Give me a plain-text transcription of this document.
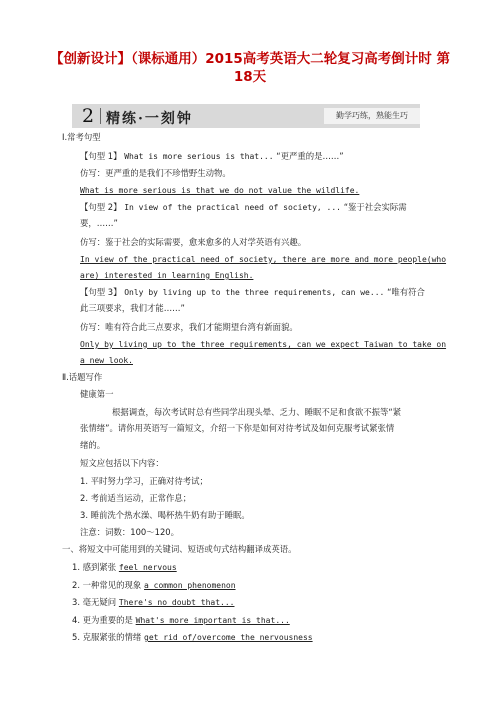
【创新设计】（课标通用）2015高考英语大二轮复习高考倒计时 第
18天
2 精练·一刻钟	勤学巧练，熟能生巧
Ⅰ.常考句型
【句型 1】 What is more serious is that... “更严重的是……”
仿写：更严重的是我们不珍惜野生动物。
What is more serious is that we do not value the wildlife.
【句型 2】 In view of the practical need of society, ... “鉴于社会实际需
要，……”
仿写：鉴于社会的实际需要，愈来愈多的人对学英语有兴趣。
In view of the practical need of society, there are more and more people(who
are) interested in learning English.
【句型 3】 Only by living up to the three requirements, can we... “唯有符合
此三项要求，我们才能……”
仿写：唯有符合此三点要求，我们才能期望台湾有新面貌。
Only by living up to the three requirements, can we expect Taiwan to take on
a new look.
Ⅱ.话题写作
健康第一
根据调查，每次考试时总有些同学出现头晕、乏力、睡眠不足和食欲不振等“紧
张情绪”。请你用英语写一篇短文，介绍一下你是如何对待考试及如何克服考试紧张情
绪的。
短文应包括以下内容：
1. 平时努力学习，正确对待考试；
2. 考前适当运动，正常作息；
3. 睡前洗个热水澡、喝杯热牛奶有助于睡眠。
注意：词数：100～120。
一、将短文中可能用到的关键词、短语或句式结构翻译成英语。
1. 感到紧张 feel nervous
2. 一种常见的现象 a common phenomenon
3. 毫无疑问 There's no doubt that...
4. 更为重要的是 What's more important is that...
5. 克服紧张的情绪 get rid of/overcome the nervousness
